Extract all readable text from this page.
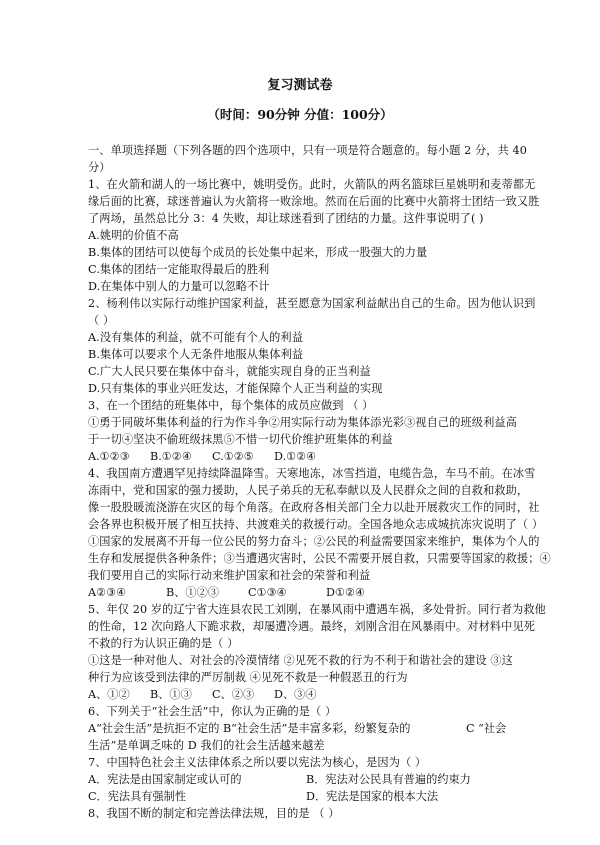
复习测试卷
（时间：90分钟 分值：100分）
一、单项选择题（下列各题的四个选项中，只有一项是符合题意的。每小题 2 分，共 40
分）
1、在火箭和湖人的一场比赛中，姚明受伤。此时，火箭队的两名篮球巨星姚明和麦蒂都无
缘后面的比赛，球迷普遍认为火箭将一败涂地。然而在后面的比赛中火箭将士团结一致又胜
了两场，虽然总比分 3：4 失败，却让球迷看到了团结的力量。这件事说明了( )
A.姚明的价值不高
B.集体的团结可以使每个成员的长处集中起来，形成一股强大的力量
C.集体的团结一定能取得最后的胜利
D.在集体中别人的力量可以忽略不计
2、杨利伟以实际行动维护国家利益，甚至愿意为国家利益献出自己的生命。因为他认识到
（ ）
A.没有集体的利益，就不可能有个人的利益
B.集体可以要求个人无条件地服从集体利益
C.广大人民只要在集体中奋斗，就能实现自身的正当利益
D.只有集体的事业兴旺发达，才能保障个人正当利益的实现
3、在一个团结的班集体中，每个集体的成员应做到 （ ）
①勇于同破坏集体利益的行为作斗争②用实际行动为集体添光彩③视自己的班级利益高
于一切④坚决不偷班级抹黑⑤不惜一切代价维护班集体的利益
A.①②③ B.①②④ C.①②⑤ D.①②④
4、我国南方遭遇罕见持续降温降雪。天寒地冻，冰雪挡道，电缆告急，车马不前。在冰雪
冻雨中，党和国家的强力援助，人民子弟兵的无私奉献以及人民群众之间的自救和救助，
像一股股暖流浇游在灾区的每个角落。在政府各相关部门全力以赴开展救灾工作的同时，社
会各界也积极开展了相互扶持、共渡难关的救援行动。全国各地众志成城抗冻灾说明了（ ）
①国家的发展离不开每一位公民的努力奋斗；②公民的利益需要国家来维护，集体为个人的
生存和发展提供各种条件；③当遭遇灾害时，公民不需要开展自救，只需要等国家的救援；④
我们要用自己的实际行动来维护国家和社会的荣誉和利益
A②③④	B、①②③	C①③④	D①②④
5、年仅 20 岁的辽宁省大连县农民工刘刚，在暴风雨中遭遇车祸，多处骨折。同行者为救他
的性命，12 次向路人下跪求救，却屡遭冷遇。最终，刘刚含泪在风暴雨中。对材料中见死
不救的行为认识正确的是（ ）
①这是一种对他人、对社会的冷漠情绪 ②见死不救的行为不利于和谐社会的建设 ③这
种行为应该受到法律的严厉制裁 ④见死不救是一种假恶丑的行为
A、①② B、①③ C、②③ D、③④
6、下列关于“社会生活”中，你认为正确的是（ ）
A“社会生活”是抗拒不定的 B“社会生活”是丰富多彩，纷繁复杂的	C “社会
生活”是单调乏味的 D 我们的社会生活越来越差
7、中国特色社会主义法律体系之所以要以宪法为核心，是因为（ ）
A．宪法是由国家制定或认可的	B．宪法对公民具有普遍的约束力
C．宪法具有强制性	D．宪法是国家的根本大法
8、我国不断的制定和完善法律法规，目的是 （ ）
